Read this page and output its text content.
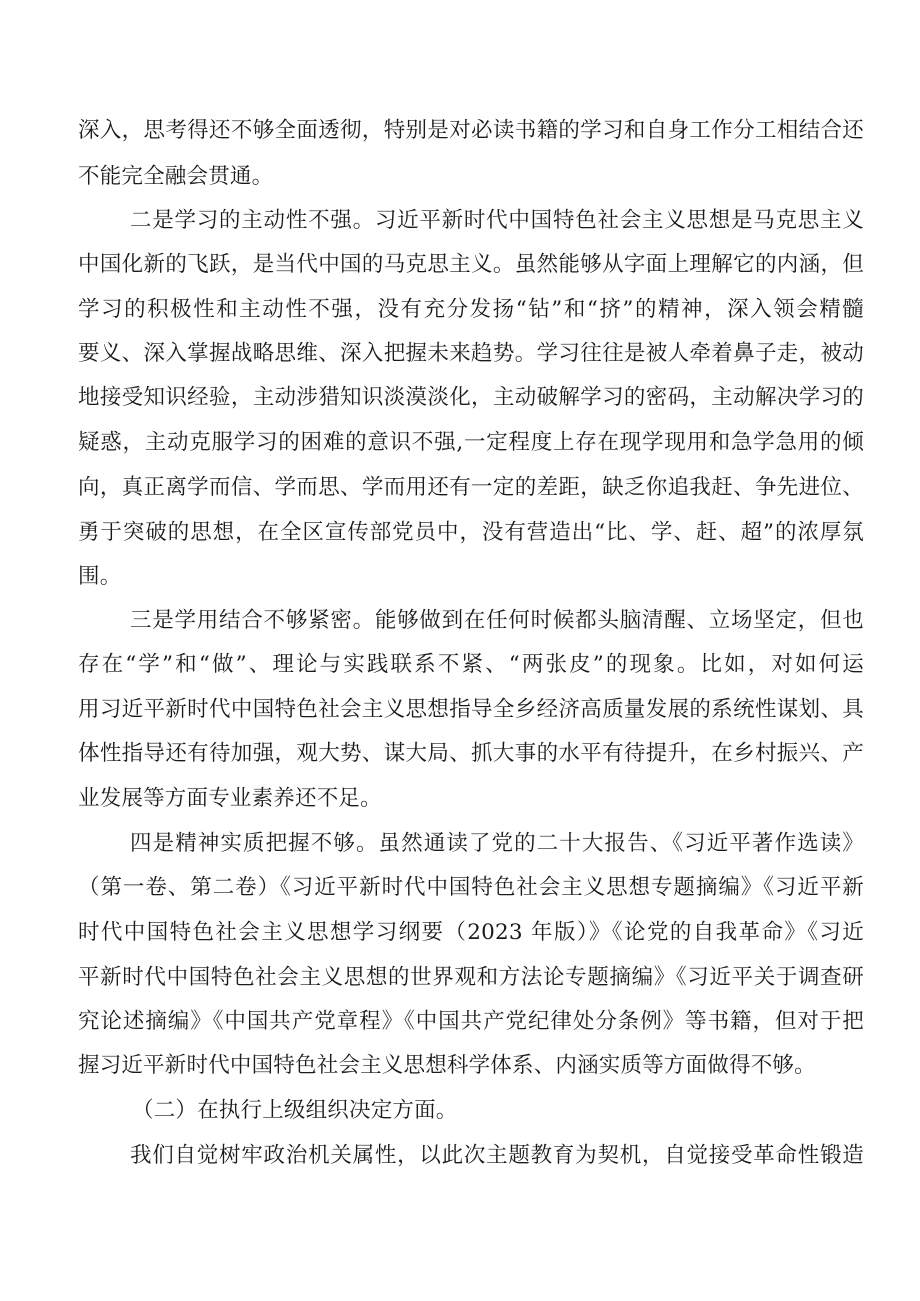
深入，思考得还不够全面透彻，特别是对必读书籍的学习和自身工作分工相结合还
不能完全融会贯通。
二是学习的主动性不强。习近平新时代中国特色社会主义思想是马克思主义
中国化新的飞跃，是当代中国的马克思主义。虽然能够从字面上理解它的内涵，但
学习的积极性和主动性不强，没有充分发扬“钻”和“挤”的精神，深入领会精髓
要义、深入掌握战略思维、深入把握未来趋势。学习往往是被人牵着鼻子走，被动
地接受知识经验，主动涉猎知识淡漠淡化，主动破解学习的密码，主动解决学习的
疑惑，主动克服学习的困难的意识不强,一定程度上存在现学现用和急学急用的倾
向，真正离学而信、学而思、学而用还有一定的差距，缺乏你追我赶、争先进位、
勇于突破的思想，在全区宣传部党员中，没有营造出“比、学、赶、超”的浓厚氛
围。
三是学用结合不够紧密。能够做到在任何时候都头脑清醒、立场坚定，但也
存在“学”和“做”、理论与实践联系不紧、“两张皮”的现象。比如，对如何运
用习近平新时代中国特色社会主义思想指导全乡经济高质量发展的系统性谋划、具
体性指导还有待加强，观大势、谋大局、抓大事的水平有待提升，在乡村振兴、产
业发展等方面专业素养还不足。
四是精神实质把握不够。虽然通读了党的二十大报告、《习近平著作选读》
（第一卷、第二卷）《习近平新时代中国特色社会主义思想专题摘编》《习近平新
时代中国特色社会主义思想学习纲要（2023 年版）》《论党的自我革命》《习近
平新时代中国特色社会主义思想的世界观和方法论专题摘编》《习近平关于调查研
究论述摘编》《中国共产党章程》《中国共产党纪律处分条例》等书籍，但对于把
握习近平新时代中国特色社会主义思想科学体系、内涵实质等方面做得不够。
（二）在执行上级组织决定方面。
我们自觉树牢政治机关属性，以此次主题教育为契机，自觉接受革命性锻造
